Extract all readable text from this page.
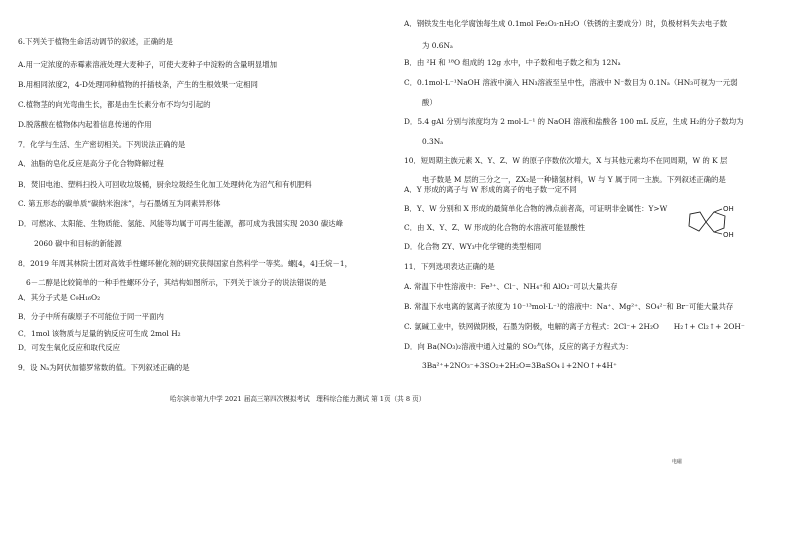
6.下列关于植物生命活动调节的叙述，正确的是
A.用一定浓度的赤霉素溶液处理大麦种子，可使大麦种子中淀粉的含量明显增加
B.用相同浓度2，4-D处理同种植物的扦插枝条，产生的生根效果一定相同
C.植物茎的向光弯曲生长，都是由生长素分布不均匀引起的
D.脱落酸在植物体内起着信息传递的作用
7．化学与生活、生产密切相关。下列说法正确的是
A．油脂的皂化反应是高分子化合物降解过程
B．焚旧电池、塑料扫投入可回收垃圾桶，厨余垃圾经生化加工处理转化为沼气和有机肥料
C. 第五形态的碳单质“碳纳米泡沫”，与石墨烯互为同素异形体
D．可燃冰、太阳能、生物质能、氢能、风能等均属于可再生能源，都可成为我国实现 2030 碳达峰
2060 碳中和目标的新能源
8．2019 年周其林院士团对高效手性螺环催化剂的研究获得国家自然科学一等奖。螺[4，4]壬烷－1，
6－二醇是比较简单的一种手性螺环分子，其结构如图所示，下列关于该分子的说法错误的是
A．其分子式是 C₉H₁₆O₂
B．分子中所有碳原子不可能位于同一平面内
C．1mol 该物质与足量的钠反应可生成 2mol H₂
D．可发生氧化反应和取代反应
9．设 Nₐ为阿伏加德罗常数的值。下列叙述正确的是
A．钢铁发生电化学腐蚀每生成 0.1mol Fe₂O₃·nH₂O（铁锈的主要成分）时，负极材料失去电子数
为 0.6Nₐ
B．由 ²H 和 ¹⁸O 组成的 12g 水中，中子数和电子数之和为 12Nₐ
C．0.1mol·L⁻¹NaOH 溶液中滴入 HN₃溶液至呈中性，溶液中 N⁻数目为 0.1Nₐ（HN₃可视为一元弱
酸）
D．5.4 gAl 分别与浓度均为 2 mol·L⁻¹ 的 NaOH 溶液和盐酸各 100 mL 反应，生成 H₂的分子数均为
0.3Nₐ
10．短周期主族元素 X、Y、Z、W 的原子序数依次增大，X 与其他元素均不在同周期，W 的 K 层
电子数是 M 层的三分之一，ZX₂是一种储氢材料，W 与 Y 属于同一主族。下列叙述正确的是
A．Y 形成的离子与 W 形成的离子的电子数一定不同
B．Y、W 分别和 X 形成的最简单化合物的沸点前者高，可证明非金属性：Y>W
C．由 X、Y、Z、W 形成的化合物的水溶液可能显酸性
D．化合物 ZY、WY₃中化学键的类型相同
11．下列选项表达正确的是
A. 常温下中性溶液中：Fe³⁺、Cl⁻、NH₄⁺和 AlO₂⁻可以大量共存
B. 常温下水电离的氢离子浓度为 10⁻¹³mol·L⁻¹的溶液中：Na⁺、Mg²⁺、SO₄²⁻和 Br⁻可能大量共存
C. 氯碱工业中，铁网做阴极，石墨为阴极，电解的离子方程式：2Cl⁻+ 2H₂O　　H₂↑+ Cl₂↑+ 2OH⁻
D．向 Ba(NO₃)₂溶液中通入过量的 SO₂气体，反应的离子方程式为：
3Ba²⁺+2NO₃⁻+3SO₂+2H₂O=3BaSO₄↓+2NO↑+4H⁺
OH
OH
哈尔滨市第九中学 2021 届高三第四次模拟考试　理科综合能力测试 第 1页（共 8 页）
电磁
